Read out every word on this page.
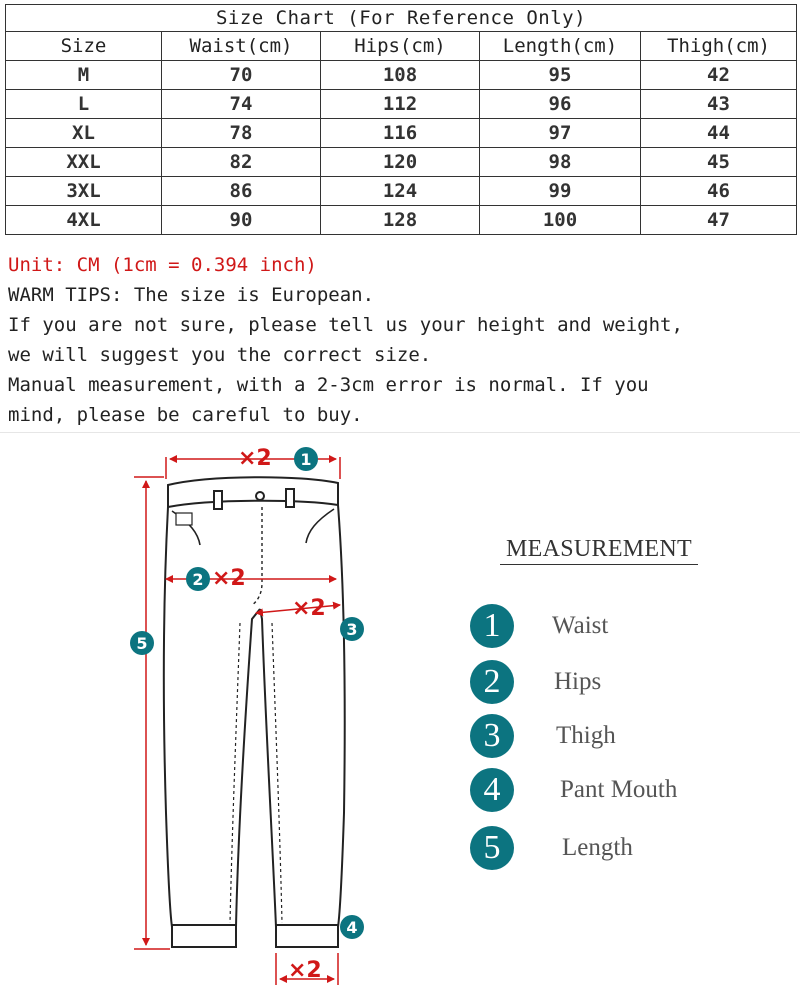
Size Chart (For Reference Only)				
Size	Waist(cm)	Hips(cm)	Length(cm)	Thigh(cm)
M	70	108	95	42
L	74	112	96	43
XL	78	116	97	44
XXL	82	120	98	45
3XL	86	124	99	46
4XL	90	128	100	47
Unit: CM (1cm = 0.394 inch)
WARM TIPS: The size is European.
If you are not sure, please tell us your height and weight,
we will suggest you the correct size.
Manual measurement, with a 2-3cm error is normal. If you
mind, please be careful to buy.
×2 1
2 ×2
×2
3
5
4
×2
MEASUREMENT
1	Waist
2	Hips
3	Thigh
4	Pant Mouth
5	Length
